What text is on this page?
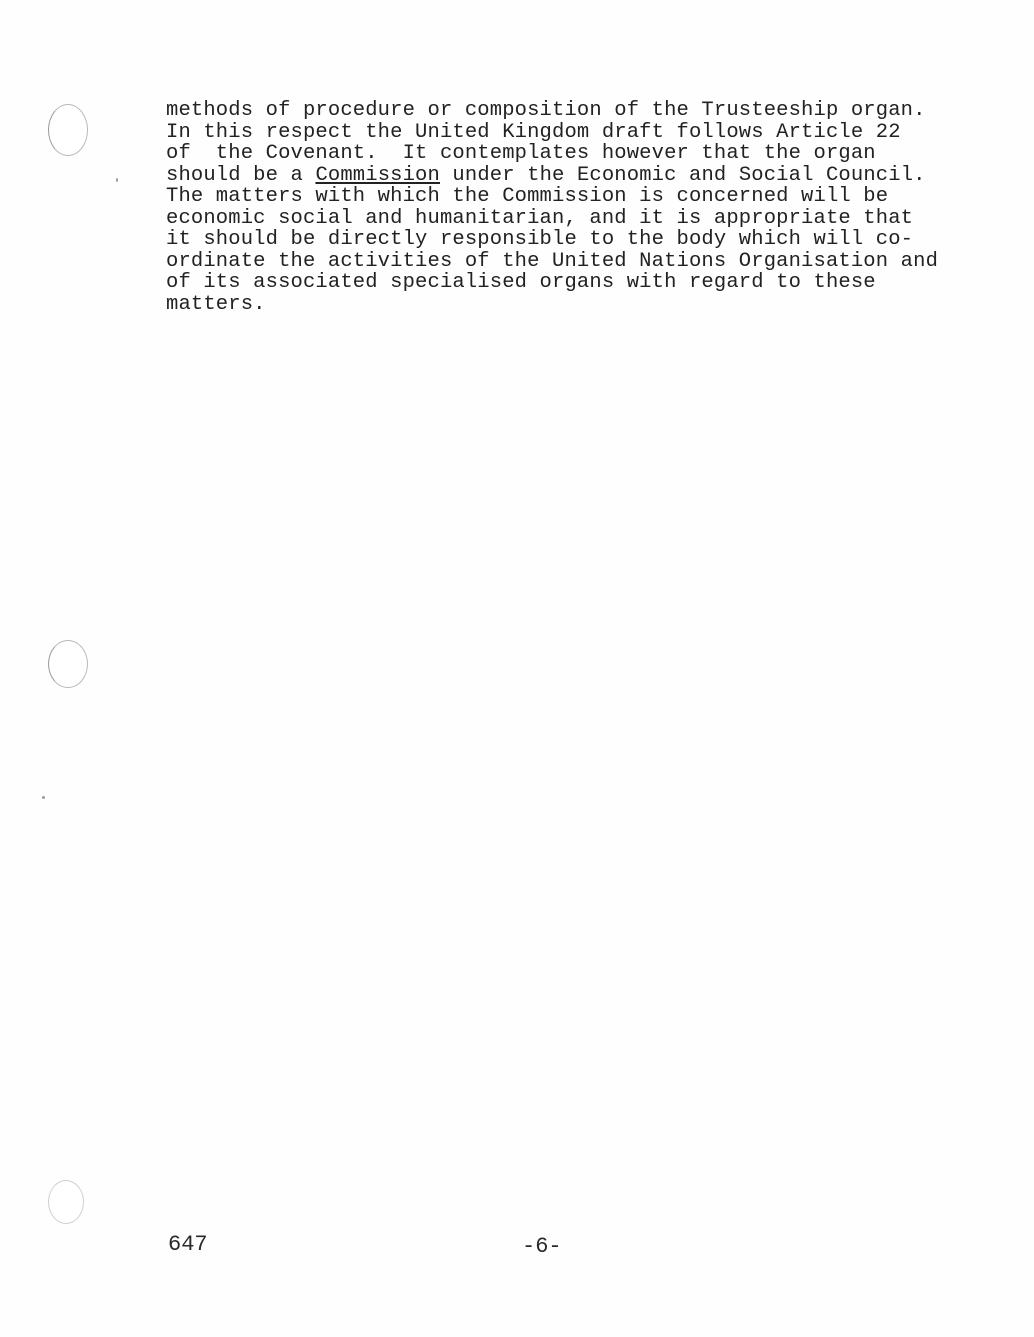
methods of procedure or composition of the Trusteeship organ.
In this respect the United Kingdom draft follows Article 22
of  the Covenant.  It contemplates however that the organ
should be a Commission under the Economic and Social Council.
The matters with which the Commission is concerned will be
economic social and humanitarian, and it is appropriate that
it should be directly responsible to the body which will co-
ordinate the activities of the United Nations Organisation and
of its associated specialised organs with regard to these
matters.
647	-6-
